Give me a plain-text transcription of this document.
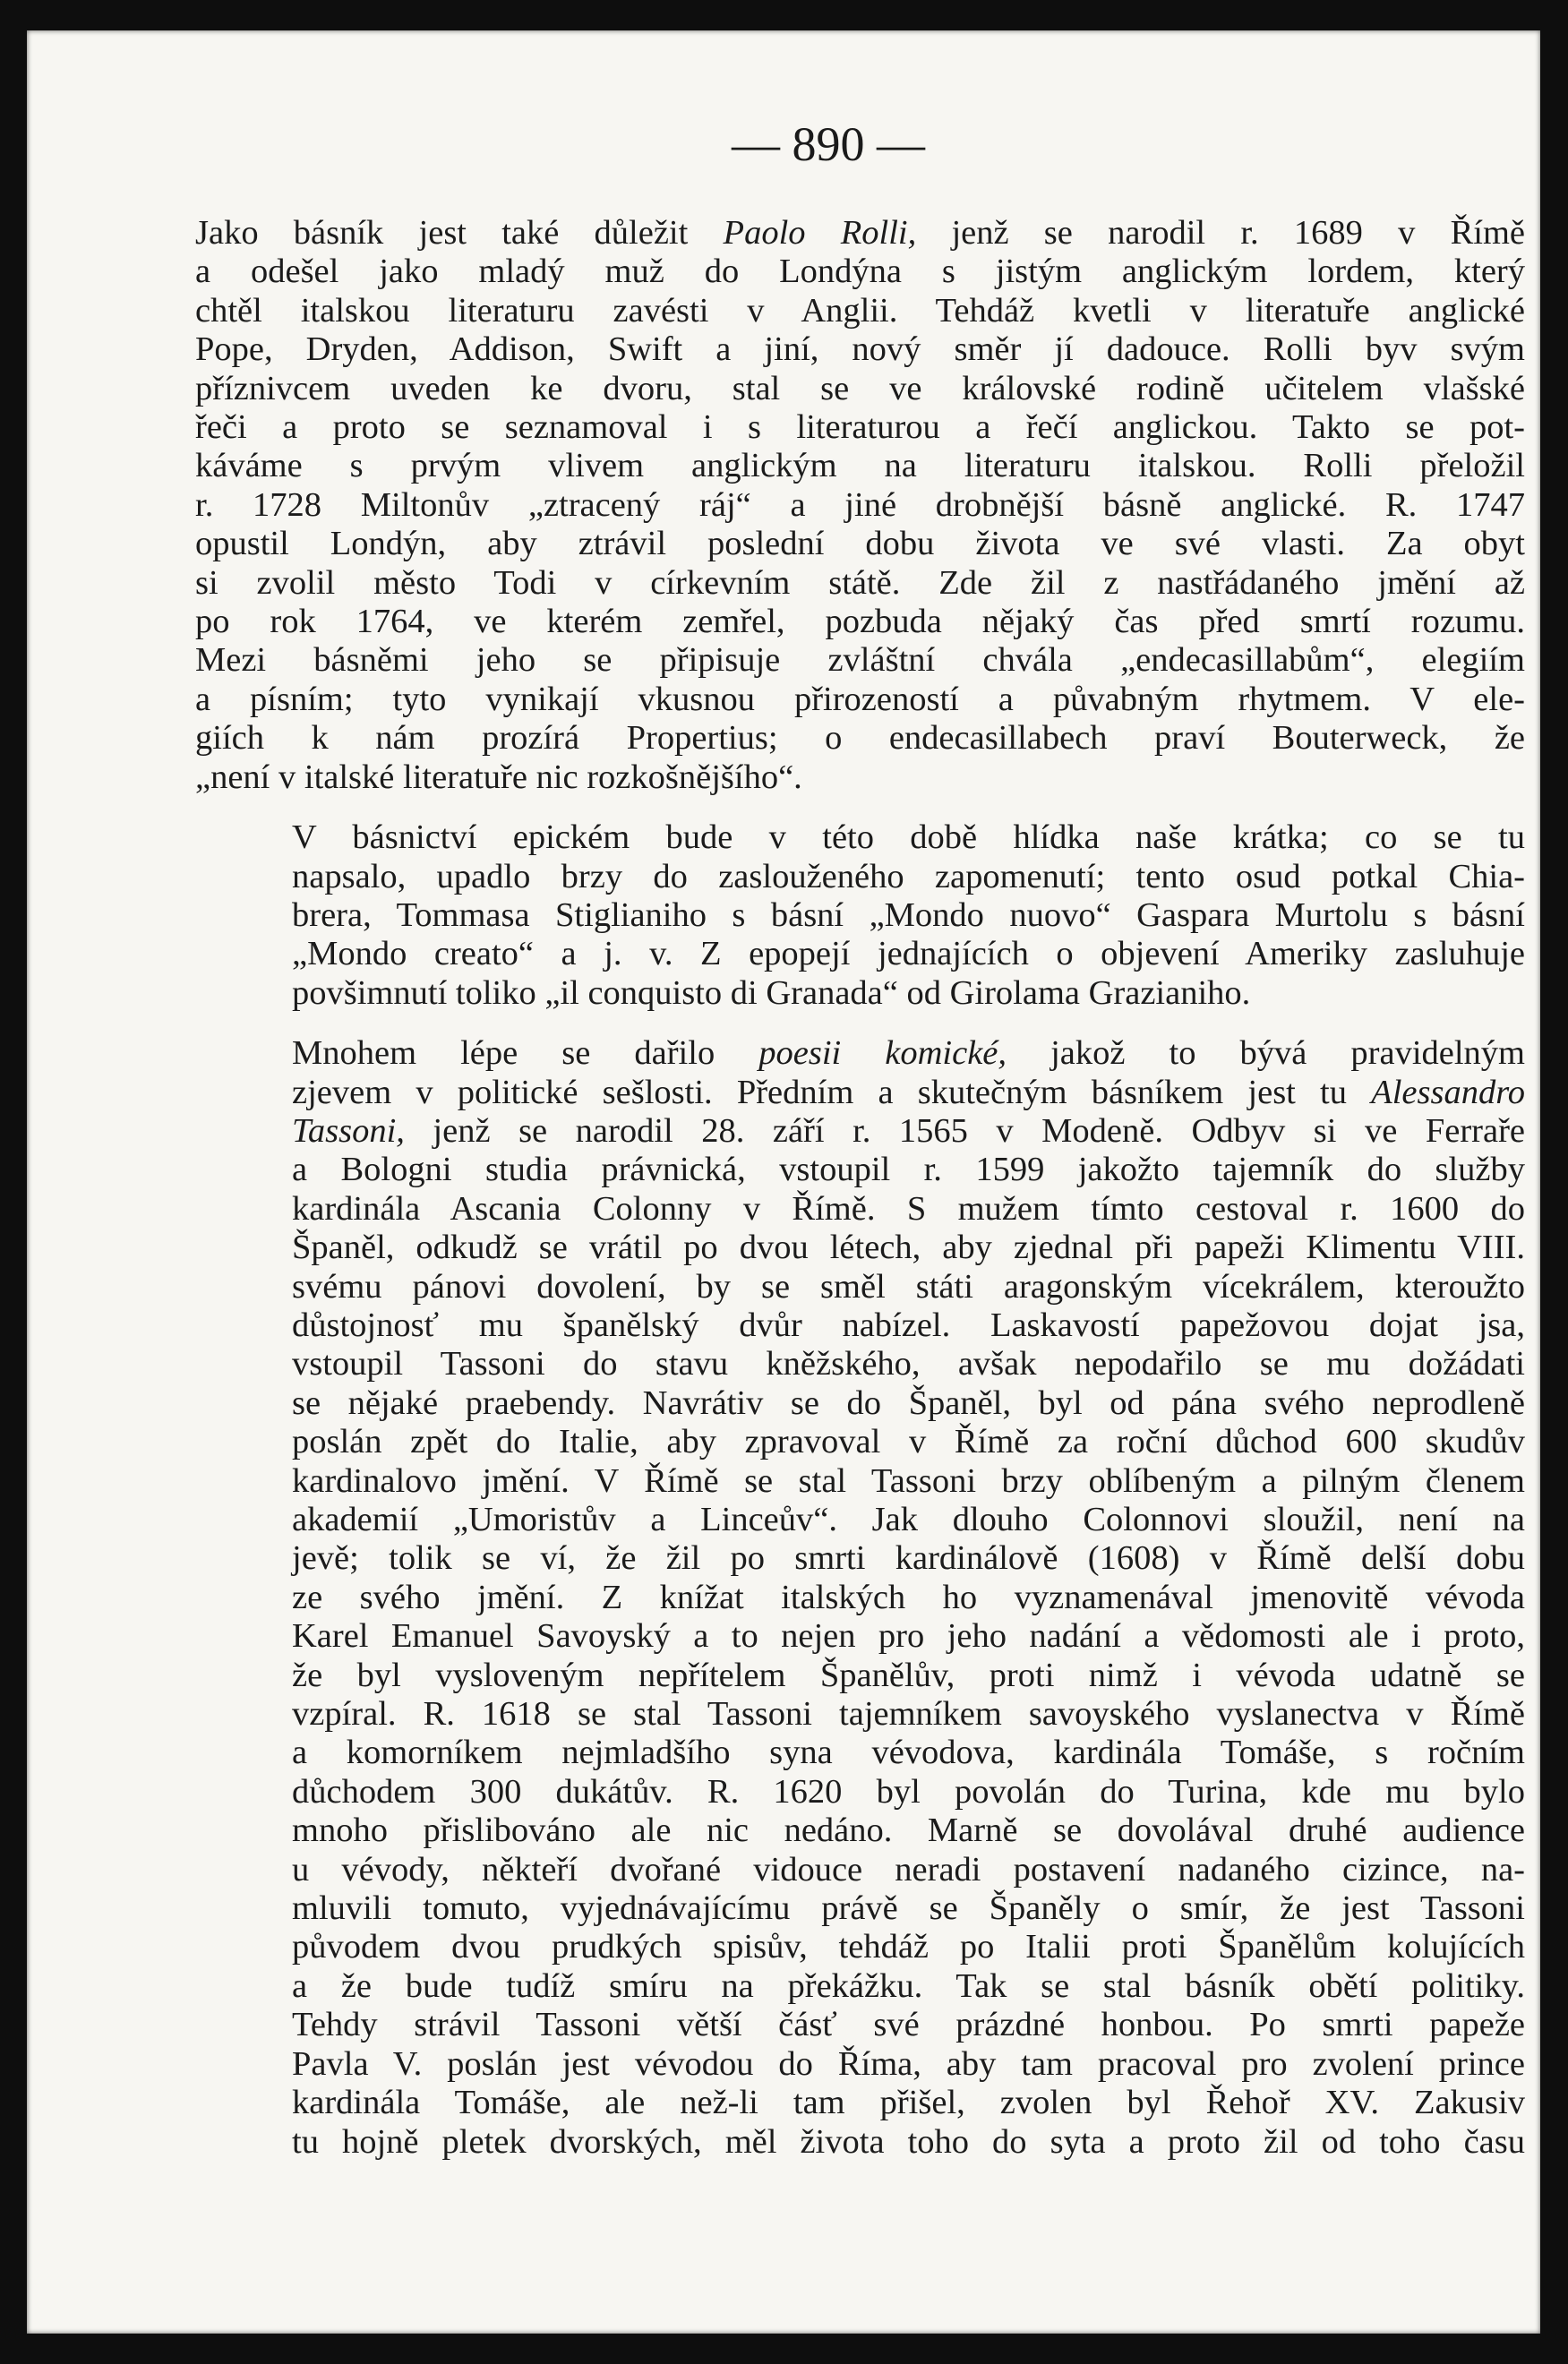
— 890 —

Jako básník jest také důležit Paolo Rolli, jenž se narodil r. 1689 v Římě
a odešel jako mladý muž do Londýna s jistým anglickým lordem, který
chtěl italskou literaturu zavésti v Anglii. Tehdáž kvetli v literatuře anglické
Pope, Dryden, Addison, Swift a jiní, nový směr jí dadouce. Rolli byv svým
příznivcem uveden ke dvoru, stal se ve královské rodině učitelem vlašské
řeči a proto se seznamoval i s literaturou a řečí anglickou. Takto se pot-
káváme s prvým vlivem anglickým na literaturu italskou. Rolli přeložil
r. 1728 Miltonův „ztracený ráj“ a jiné drobnější básně anglické. R. 1747
opustil Londýn, aby ztrávil poslední dobu života ve své vlasti. Za obyt
si zvolil město Todi v církevním státě. Zde žil z nastřádaného jmění až
po rok 1764, ve kterém zemřel, pozbuda nějaký čas před smrtí rozumu.
Mezi básněmi jeho se připisuje zvláštní chvála „endecasillabům“, elegiím
a písním; tyto vynikají vkusnou přirozeností a půvabným rhytmem. V ele-
giích k nám prozírá Propertius; o endecasillabech praví Bouterweck, že
„není v italské literatuře nic rozkošnějšího“.

V básnictví epickém bude v této době hlídka naše krátka; co se tu
napsalo, upadlo brzy do zaslouženého zapomenutí; tento osud potkal Chia-
brera, Tommasa Stiglianiho s básní „Mondo nuovo“ Gaspara Murtolu s básní
„Mondo creato“ a j. v. Z epopejí jednajících o objevení Ameriky zasluhuje
povšimnutí toliko „il conquisto di Granada“ od Girolama Grazianiho.

Mnohem lépe se dařilo poesii komické, jakož to bývá pravidelným
zjevem v politické sešlosti. Předním a skutečným básníkem jest tu Alessandro
Tassoni, jenž se narodil 28. září r. 1565 v Modeně. Odbyv si ve Ferraře
a Bologni studia právnická, vstoupil r. 1599 jakožto tajemník do služby
kardinála Ascania Colonny v Římě. S mužem tímto cestoval r. 1600 do
Španěl, odkudž se vrátil po dvou létech, aby zjednal při papeži Klimentu VIII.
svému pánovi dovolení, by se směl státi aragonským vícekrálem, kteroužto
důstojnosť mu španělský dvůr nabízel. Laskavostí papežovou dojat jsa,
vstoupil Tassoni do stavu kněžského, avšak nepodařilo se mu dožádati
se nějaké praebendy. Navrátiv se do Španěl, byl od pána svého neprodleně
poslán zpět do Italie, aby zpravoval v Římě za roční důchod 600 skudův
kardinalovo jmění. V Římě se stal Tassoni brzy oblíbeným a pilným členem
akademií „Umoristův a Linceův“. Jak dlouho Colonnovi sloužil, není na
jevě; tolik se ví, že žil po smrti kardinálově (1608) v Římě delší dobu
ze svého jmění. Z knížat italských ho vyznamenával jmenovitě vévoda
Karel Emanuel Savoyský a to nejen pro jeho nadání a vědomosti ale i proto,
že byl vysloveným nepřítelem Španělův, proti nimž i vévoda udatně se
vzpíral. R. 1618 se stal Tassoni tajemníkem savoyského vyslanectva v Římě
a komorníkem nejmladšího syna vévodova, kardinála Tomáše, s ročním
důchodem 300 dukátův. R. 1620 byl povolán do Turina, kde mu bylo
mnoho přislibováno ale nic nedáno. Marně se dovolával druhé audience
u vévody, někteří dvořané vidouce neradi postavení nadaného cizince, na-
mluvili tomuto, vyjednávajícímu právě se Španěly o smír, že jest Tassoni
původem dvou prudkých spisův, tehdáž po Italii proti Španělům kolujících
a že bude tudíž smíru na překážku. Tak se stal básník obětí politiky.
Tehdy strávil Tassoni větší čásť své prázdné honbou. Po smrti papeže
Pavla V. poslán jest vévodou do Říma, aby tam pracoval pro zvolení prince
kardinála Tomáše, ale než-li tam přišel, zvolen byl Řehoř XV. Zakusiv
tu hojně pletek dvorských, měl života toho do syta a proto žil od toho času
